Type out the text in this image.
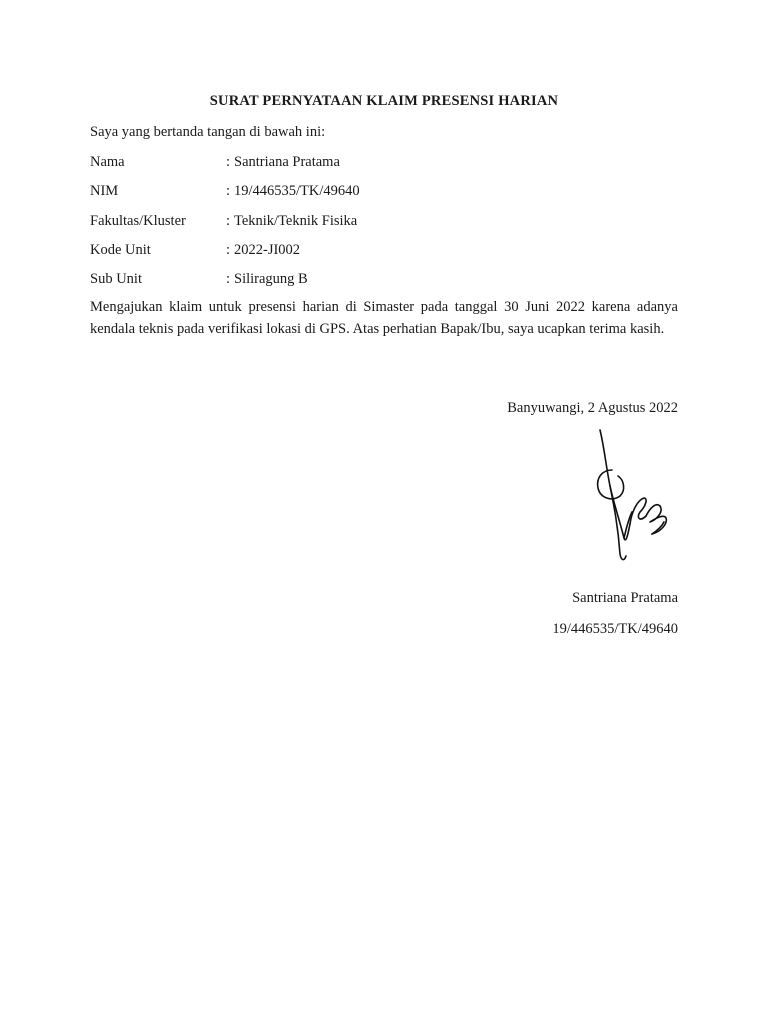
SURAT PERNYATAAN KLAIM PRESENSI HARIAN
Saya yang bertanda tangan di bawah ini:
Nama	: Santriana Pratama
NIM	: 19/446535/TK/49640
Fakultas/Kluster	: Teknik/Teknik Fisika
Kode Unit	: 2022-JI002
Sub Unit	: Siliragung B
Mengajukan klaim untuk presensi harian di Simaster pada tanggal 30 Juni 2022 karena adanya kendala teknis pada verifikasi lokasi di GPS. Atas perhatian Bapak/Ibu, saya ucapkan terima kasih.
Banyuwangi, 2 Agustus 2022
Santriana Pratama
19/446535/TK/49640
